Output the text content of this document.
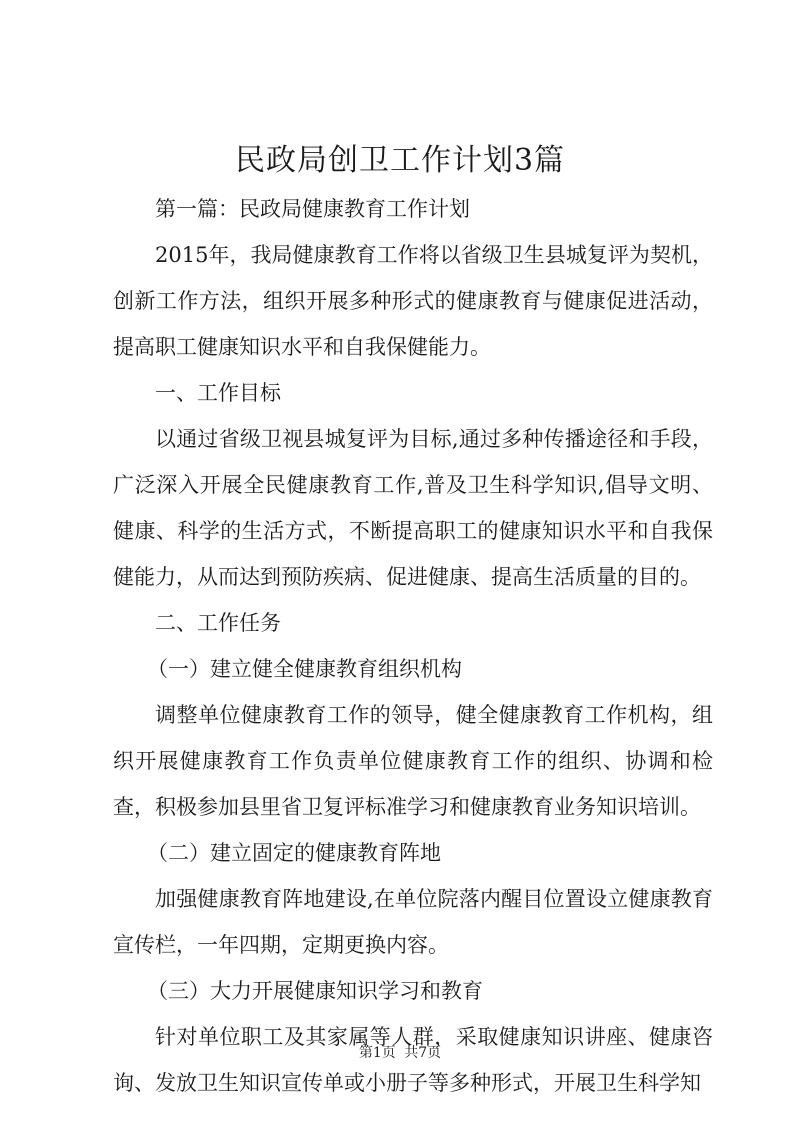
民政局创卫工作计划3篇

第一篇：民政局健康教育工作计划

2015年，我局健康教育工作将以省级卫生县城复评为契机，创新工作方法，组织开展多种形式的健康教育与健康促进活动，提高职工健康知识水平和自我保健能力。

一、工作目标

以通过省级卫视县城复评为目标,通过多种传播途径和手段，广泛深入开展全民健康教育工作,普及卫生科学知识,倡导文明、健康、科学的生活方式，不断提高职工的健康知识水平和自我保健能力，从而达到预防疾病、促进健康、提高生活质量的目的。

二、工作任务

（一）建立健全健康教育组织机构

调整单位健康教育工作的领导，健全健康教育工作机构，组织开展健康教育工作负责单位健康教育工作的组织、协调和检查，积极参加县里省卫复评标准学习和健康教育业务知识培训。

（二）建立固定的健康教育阵地

加强健康教育阵地建设,在单位院落内醒目位置设立健康教育宣传栏，一年四期，定期更换内容。

（三）大力开展健康知识学习和教育

针对单位职工及其家属等人群，采取健康知识讲座、健康咨询、发放卫生知识宣传单或小册子等多种形式，开展卫生科学知

第1页 共7页
